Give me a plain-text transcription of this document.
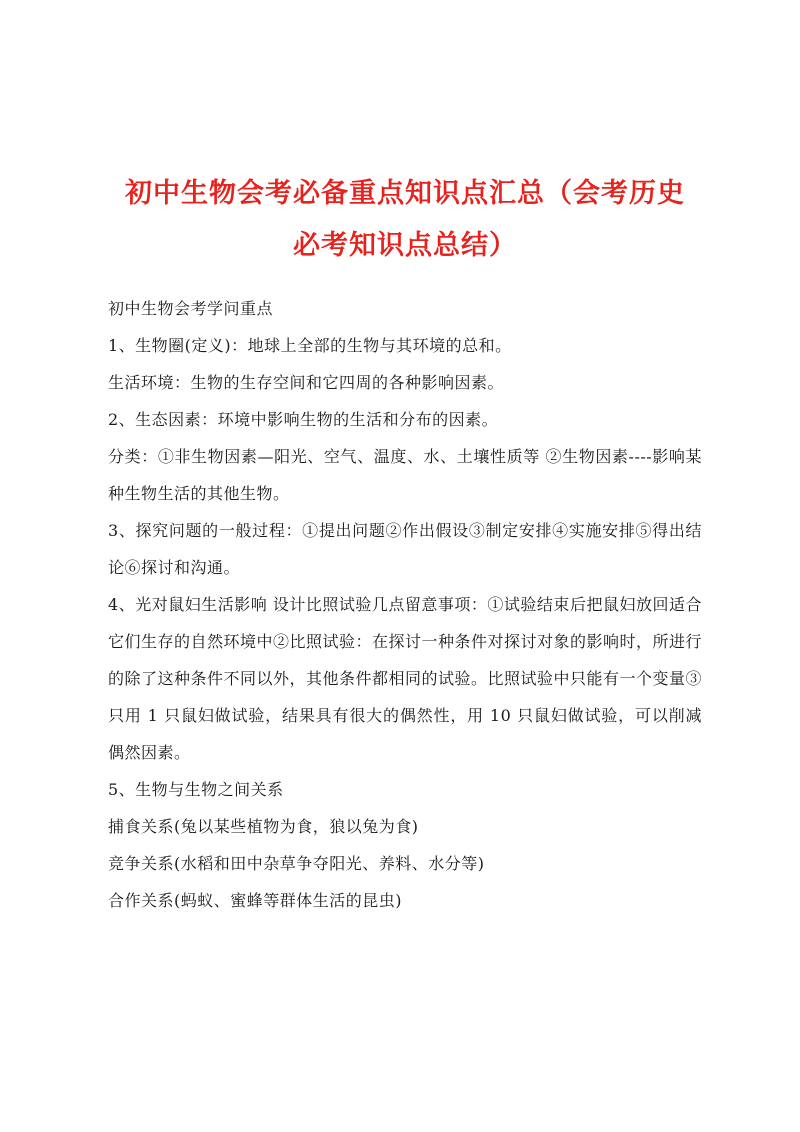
初中生物会考必备重点知识点汇总（会考历史
必考知识点总结）

初中生物会考学问重点

1、生物圈(定义)：地球上全部的生物与其环境的总和。

生活环境：生物的生存空间和它四周的各种影响因素。

2、生态因素：环境中影响生物的生活和分布的因素。

分类：①非生物因素—阳光、空气、温度、水、土壤性质等 ②生物因素----影响某种生物生活的其他生物。

3、探究问题的一般过程：①提出问题②作出假设③制定安排④实施安排⑤得出结论⑥探讨和沟通。

4、光对鼠妇生活影响 设计比照试验几点留意事项：①试验结束后把鼠妇放回适合它们生存的自然环境中②比照试验：在探讨一种条件对探讨对象的影响时，所进行的除了这种条件不同以外，其他条件都相同的试验。比照试验中只能有一个变量③只用 1 只鼠妇做试验，结果具有很大的偶然性，用 10 只鼠妇做试验，可以削减偶然因素。

5、生物与生物之间关系

捕食关系(兔以某些植物为食，狼以兔为食)

竞争关系(水稻和田中杂草争夺阳光、养料、水分等)

合作关系(蚂蚁、蜜蜂等群体生活的昆虫)
